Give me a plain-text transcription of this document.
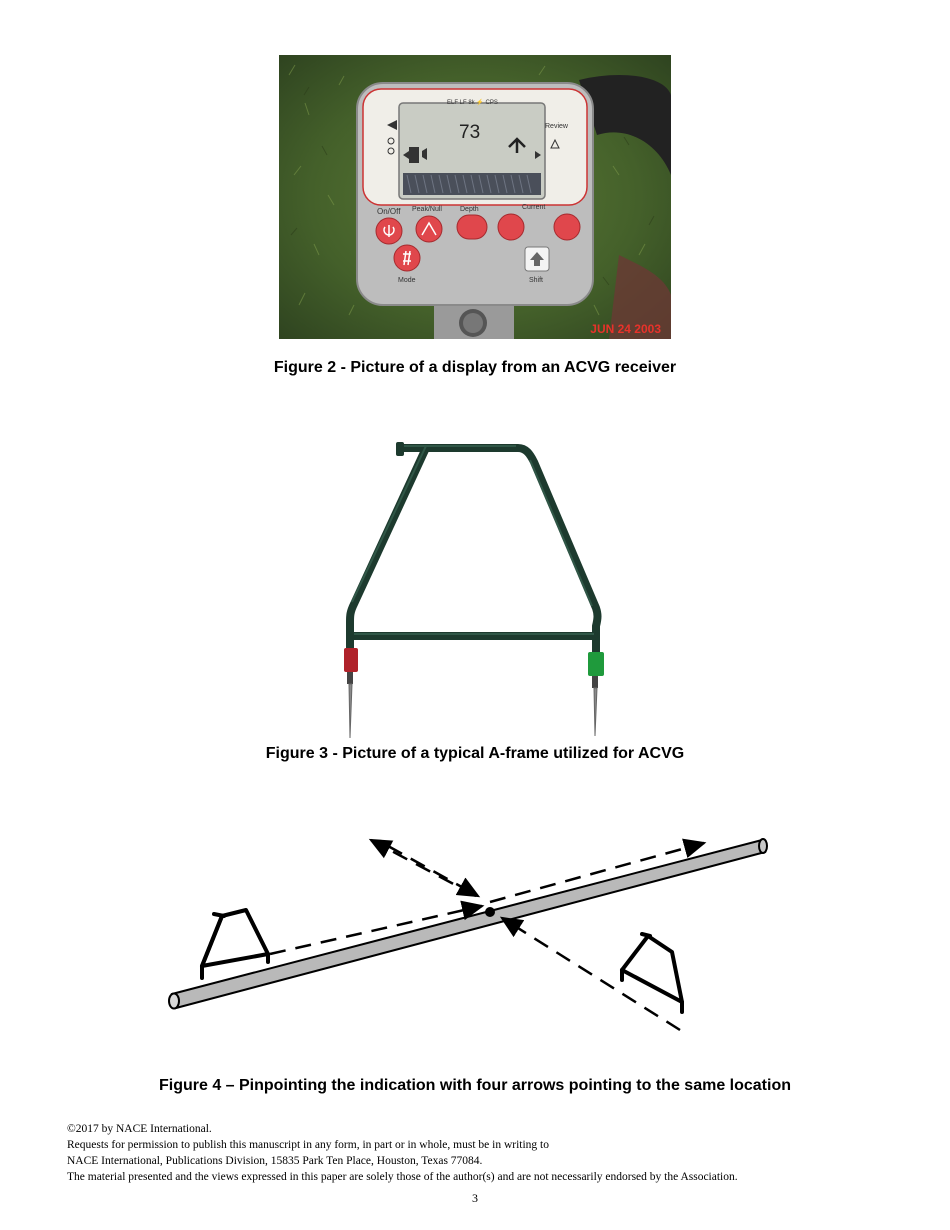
73
ELF LF 8k ⚡ CPS
Review
On/Off Peak/Null	Depth	Current
Mode	Shift
JUN 24 2003
Figure 2 - Picture of a display from an ACVG receiver
Figure 3 - Picture of a typical A-frame utilized for ACVG
Figure 4 – Pinpointing the indication with four arrows pointing to the same location
©2017 by NACE International.
Requests for permission to publish this manuscript in any form, in part or in whole, must be in writing to
NACE International, Publications Division, 15835 Park Ten Place, Houston, Texas 77084.
The material presented and the views expressed in this paper are solely those of the author(s) and are not necessarily endorsed by the Association.
3
